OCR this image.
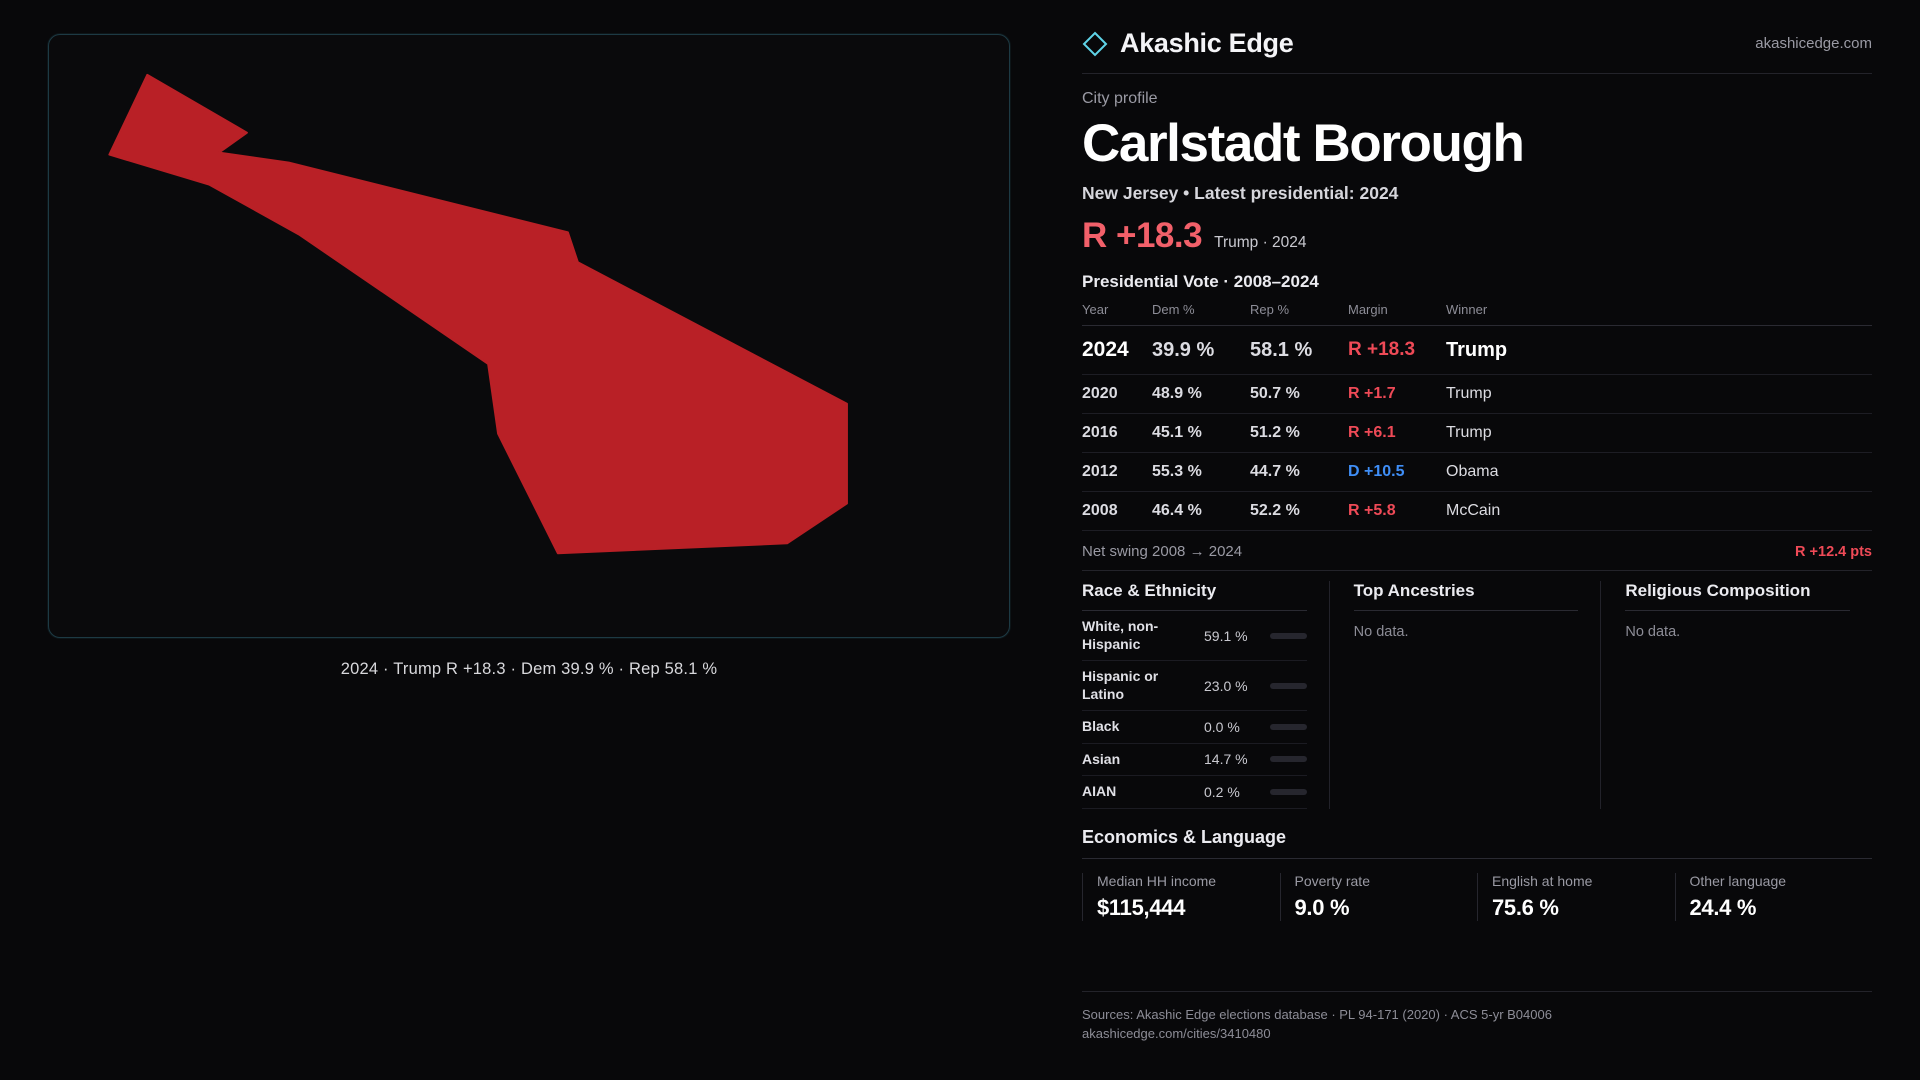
2024 · Trump R +18.3 · Dem 39.9 % · Rep 58.1 %
Akashic Edge	akashicedge.com
City profile
Carlstadt Borough
New Jersey • Latest presidential: 2024
R +18.3 Trump · 2024
Presidential Vote · 2008–2024
Year	Dem %	Rep %	Margin	Winner
2024	39.9 %	58.1 %	R +18.3	Trump
2020	48.9 %	50.7 %	R +1.7	Trump
2016	45.1 %	51.2 %	R +6.1	Trump
2012	55.3 %	44.7 %	D +10.5	Obama
2008	46.4 %	52.2 %	R +5.8	McCain
Net swing 2008 → 2024	R +12.4 pts
Race & Ethnicity
White, non-Hispanic	59.1 %
Hispanic or Latino	23.0 %
Black	0.0 %
Asian	14.7 %
AIAN	0.2 %
Top Ancestries
No data.
Religious Composition
No data.
Economics & Language
Median HH income
$115,444
Poverty rate
9.0 %
English at home
75.6 %
Other language
24.4 %
Sources: Akashic Edge elections database · PL 94-171 (2020) · ACS 5-yr B04006
akashicedge.com/cities/3410480
